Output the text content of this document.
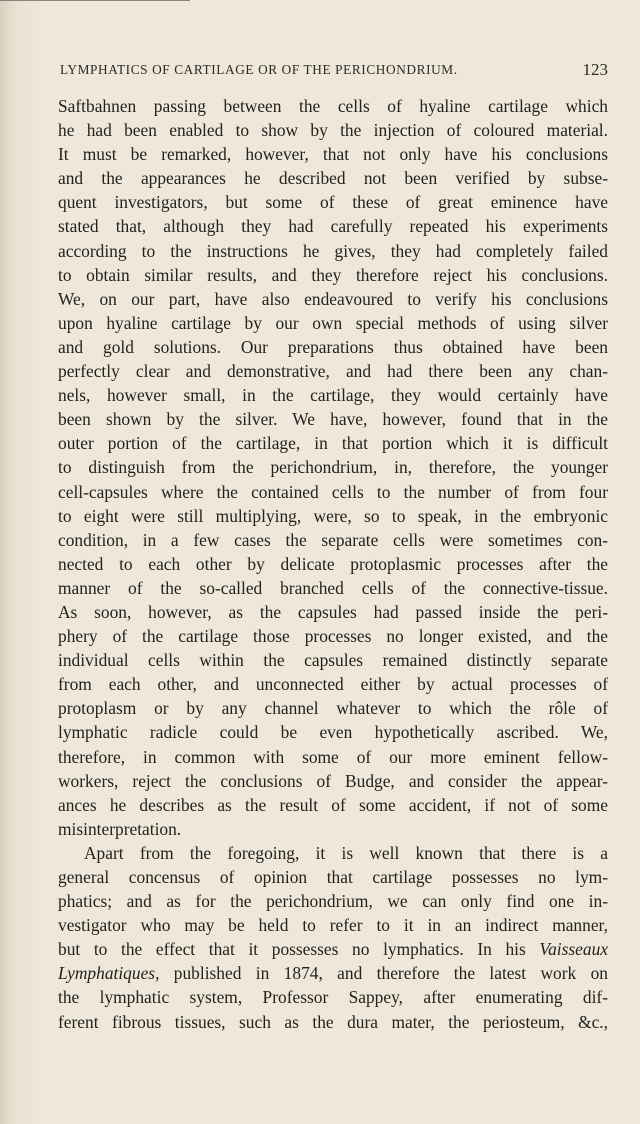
LYMPHATICS OF CARTILAGE OR OF THE PERICHONDRIUM.	123
Saftbahnen passing between the cells of hyaline cartilage which
he had been enabled to show by the injection of coloured material.
It must be remarked, however, that not only have his conclusions
and the appearances he described not been verified by subse-
quent investigators, but some of these of great eminence have
stated that, although they had carefully repeated his experiments
according to the instructions he gives, they had completely failed
to obtain similar results, and they therefore reject his conclusions.
We, on our part, have also endeavoured to verify his conclusions
upon hyaline cartilage by our own special methods of using silver
and gold solutions. Our preparations thus obtained have been
perfectly clear and demonstrative, and had there been any chan-
nels, however small, in the cartilage, they would certainly have
been shown by the silver. We have, however, found that in the
outer portion of the cartilage, in that portion which it is difficult
to distinguish from the perichondrium, in, therefore, the younger
cell-capsules where the contained cells to the number of from four
to eight were still multiplying, were, so to speak, in the embryonic
condition, in a few cases the separate cells were sometimes con-
nected to each other by delicate protoplasmic processes after the
manner of the so-called branched cells of the connective-tissue.
As soon, however, as the capsules had passed inside the peri-
phery of the cartilage those processes no longer existed, and the
individual cells within the capsules remained distinctly separate
from each other, and unconnected either by actual processes of
protoplasm or by any channel whatever to which the rôle of
lymphatic radicle could be even hypothetically ascribed. We,
therefore, in common with some of our more eminent fellow-
workers, reject the conclusions of Budge, and consider the appear-
ances he describes as the result of some accident, if not of some
misinterpretation.
Apart from the foregoing, it is well known that there is a
general concensus of opinion that cartilage possesses no lym-
phatics; and as for the perichondrium, we can only find one in-
vestigator who may be held to refer to it in an indirect manner,
but to the effect that it possesses no lymphatics. In his Vaisseaux
Lymphatiques, published in 1874, and therefore the latest work on
the lymphatic system, Professor Sappey, after enumerating dif-
ferent fibrous tissues, such as the dura mater, the periosteum, &c.,
